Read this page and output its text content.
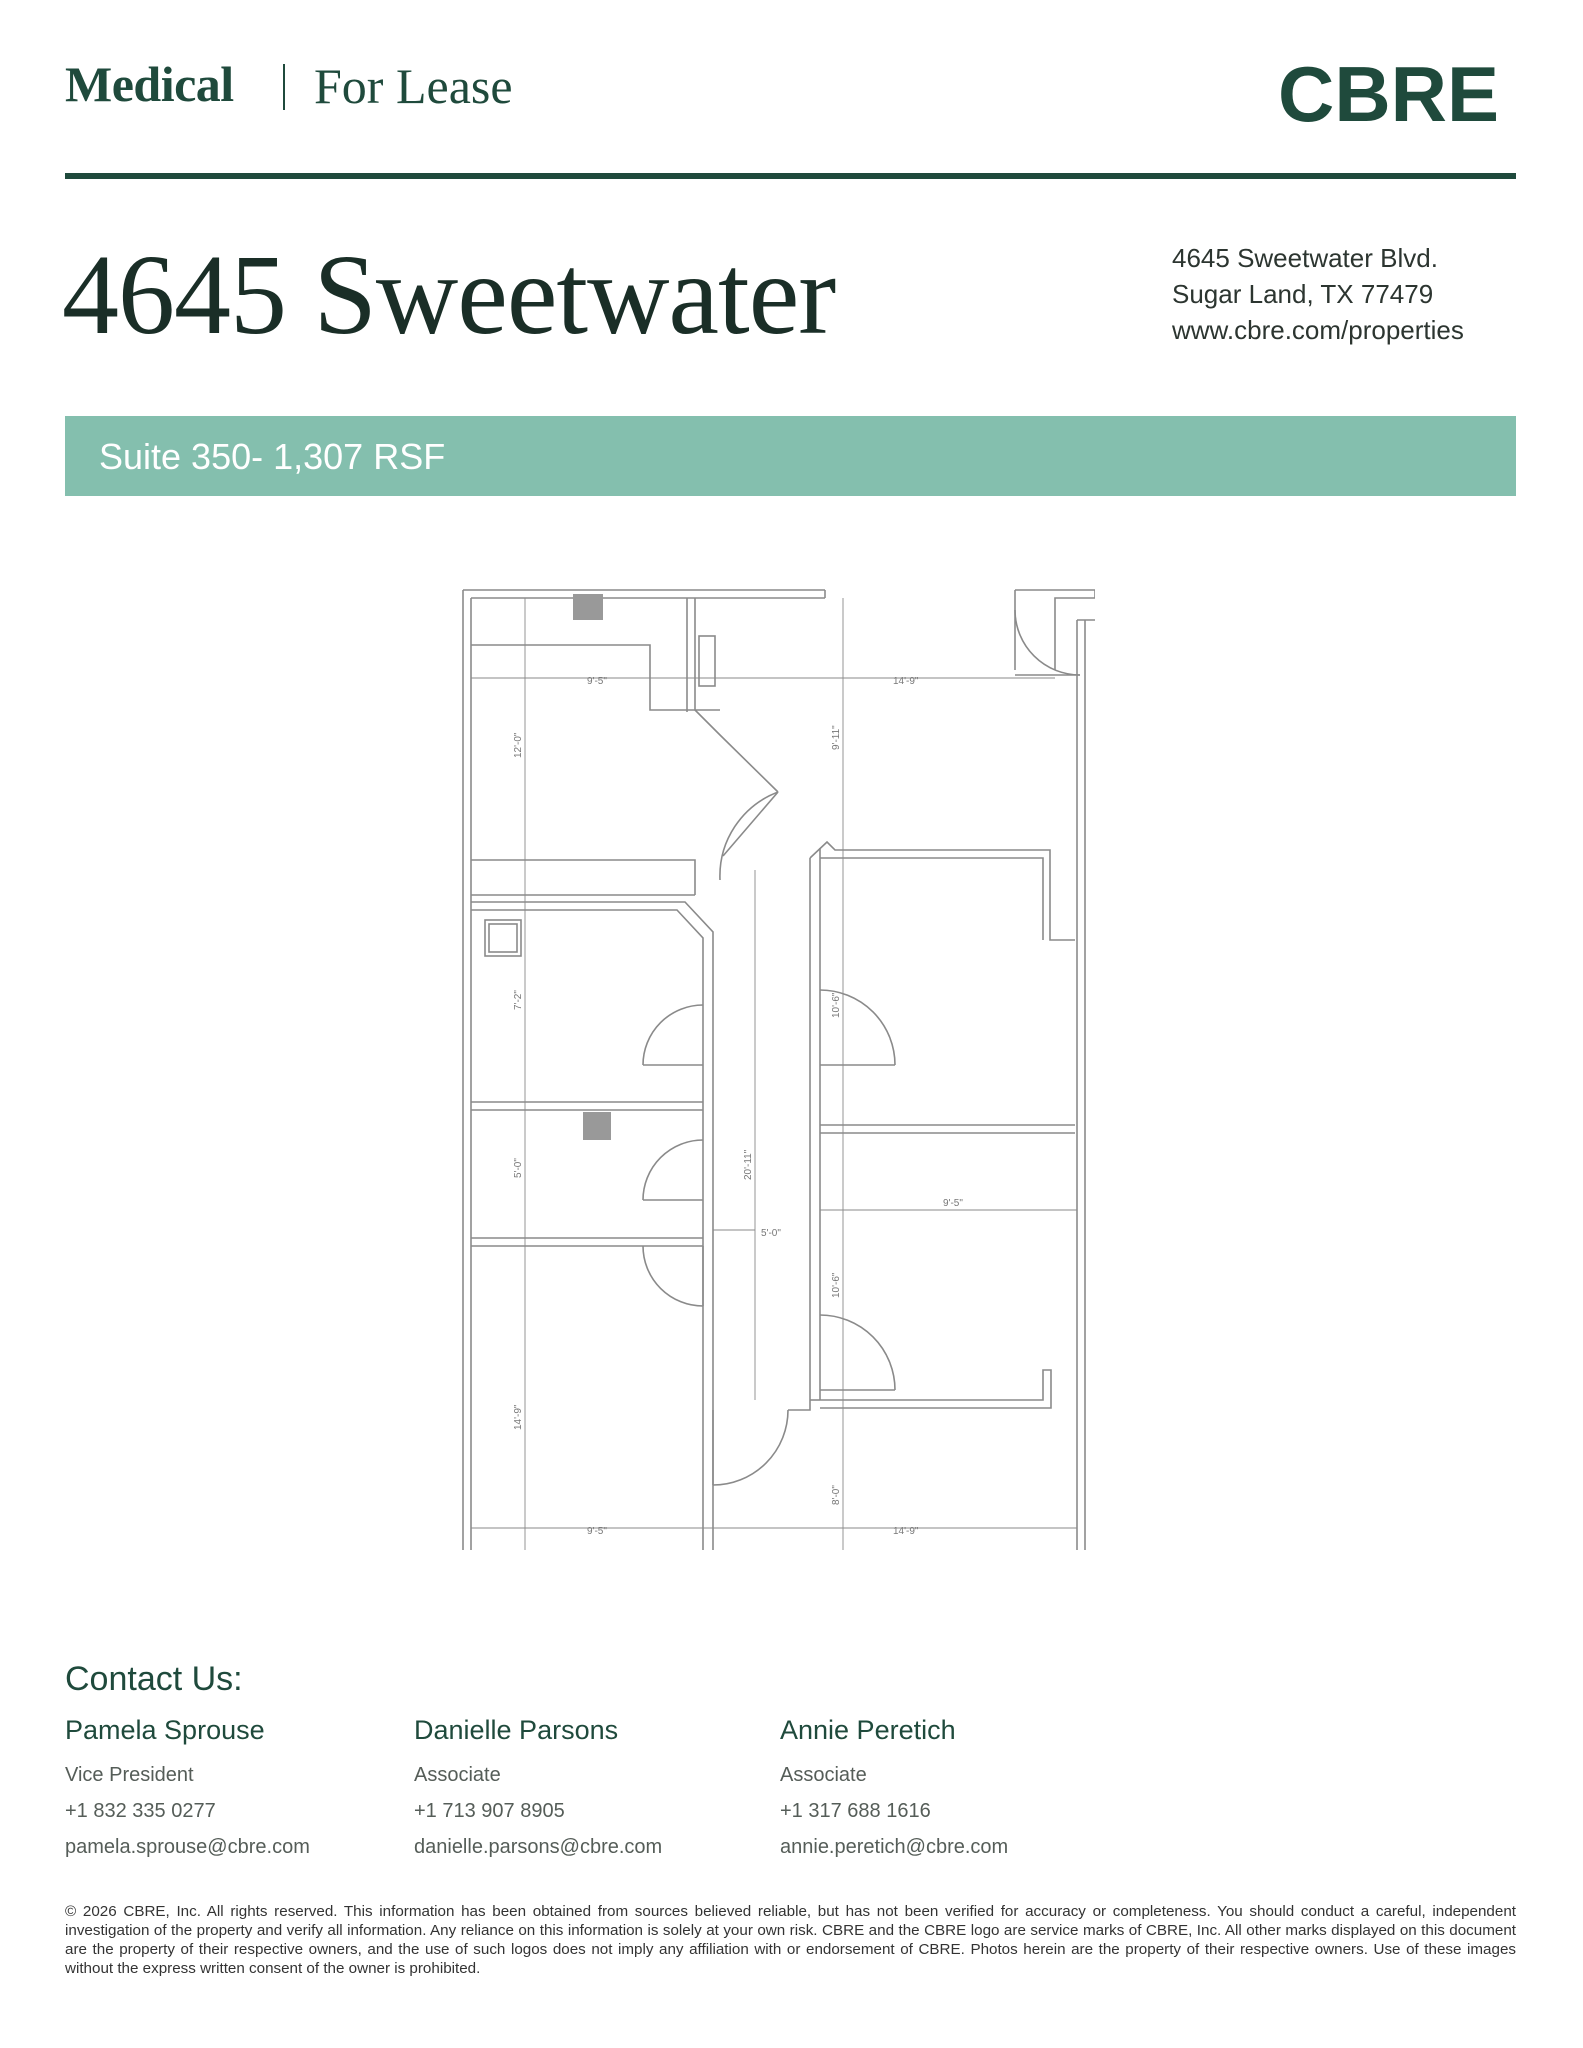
Medical For Lease	CBRE
4645 Sweetwater	4645 Sweetwater Blvd.
Sugar Land, TX 77479
www.cbre.com/properties
Suite 350- 1,307 RSF
9'-5"	14'-9"
12'-0"	9'-11"
7'-2"	10'-6"
5'-0"	20'-11"
9'-5"
10'-6"
5'-0"
14'-9"
8'-0"
9'-5"	14'-9"
Contact Us:
Pamela Sprouse
Vice President
+1 832 335 0277
pamela.sprouse@cbre.com
Danielle Parsons
Associate
+1 713 907 8905
danielle.parsons@cbre.com
Annie Peretich
Associate
+1 317 688 1616
annie.peretich@cbre.com
© 2026 CBRE, Inc. All rights reserved. This information has been obtained from sources believed reliable, but has not been verified for accuracy or completeness. You should conduct a careful, independent investigation of the property and verify all information. Any reliance on this information is solely at your own risk. CBRE and the CBRE logo are service marks of CBRE, Inc. All other marks displayed on this document are the property of their respective owners, and the use of such logos does not imply any affiliation with or endorsement of CBRE. Photos herein are the property of their respective owners. Use of these images without the express written consent of the owner is prohibited.
